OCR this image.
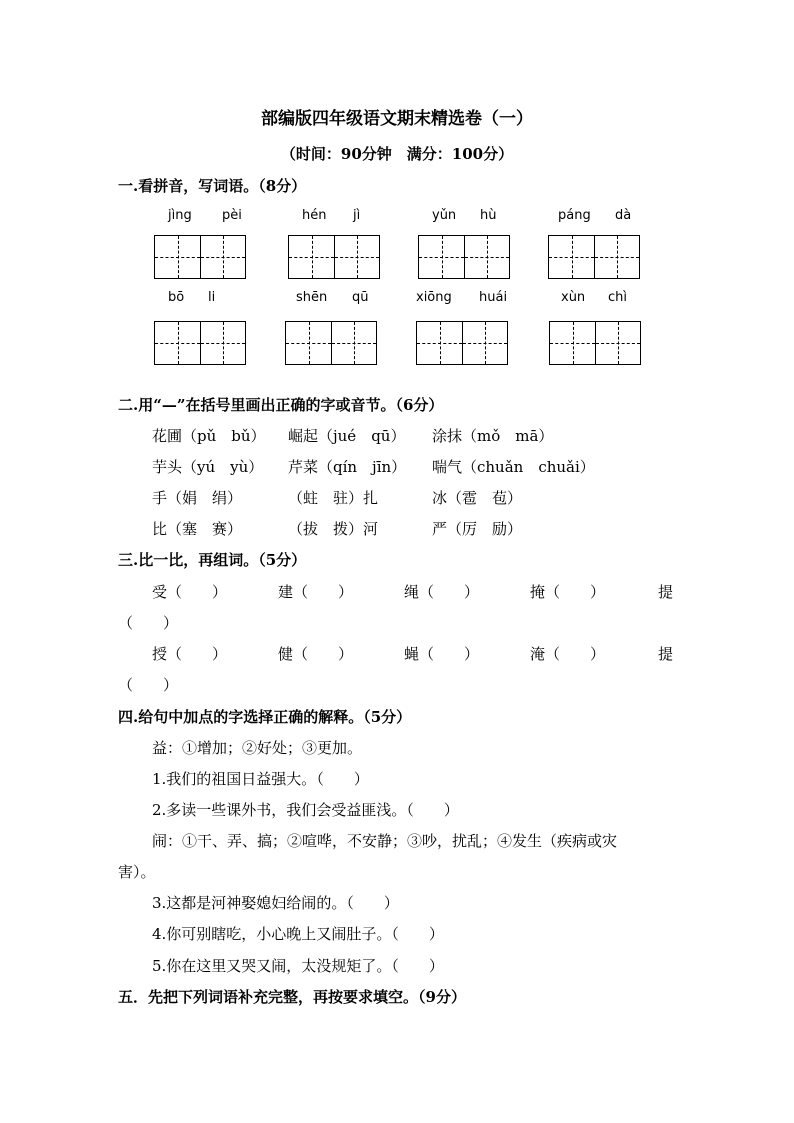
部编版四年级语文期末精选卷（一）
（时间：90分钟　满分：100分）
一.看拼音，写词语。（8分）
jìng pèi	hén jì	yǔn hù	páng dà
bō li	shēn qū	xiōng huái	xùn chì
二.用“—”在括号里画出正确的字或音节。（6分）
花圃（pǔ　bǔ） 崛起（jué　qū） 涂抹（mǒ　mā）
芋头（yú　yù） 芹菜（qín　jīn） 喘气（chuǎn　chuǎi）
手（娟　绢）	（蛀　驻）扎	冰（雹　苞）
比（塞　赛）	（拔　拨）河	严（厉　励）
三.比一比，再组词。（5分）
受（　　）	建（　　）	绳（　　）	掩（　　）	提
（　　）
授（　　）	健（　　）	蝇（　　）	淹（　　）	提
（　　）
四.给句中加点的字选择正确的解释。（5分）
益：①增加；②好处；③更加。
1.我们的祖国日益强大。（　　）
2.多读一些课外书，我们会受益匪浅。（　　）
闹：①干、弄、搞；②喧哗，不安静；③吵，扰乱；④发生（疾病或灾
害）。
3.这都是河神娶媳妇给闹的。（　　）
4.你可别瞎吃，小心晚上又闹肚子。（　　）
5.你在这里又哭又闹，太没规矩了。（　　）
五．先把下列词语补充完整，再按要求填空。（9分）
